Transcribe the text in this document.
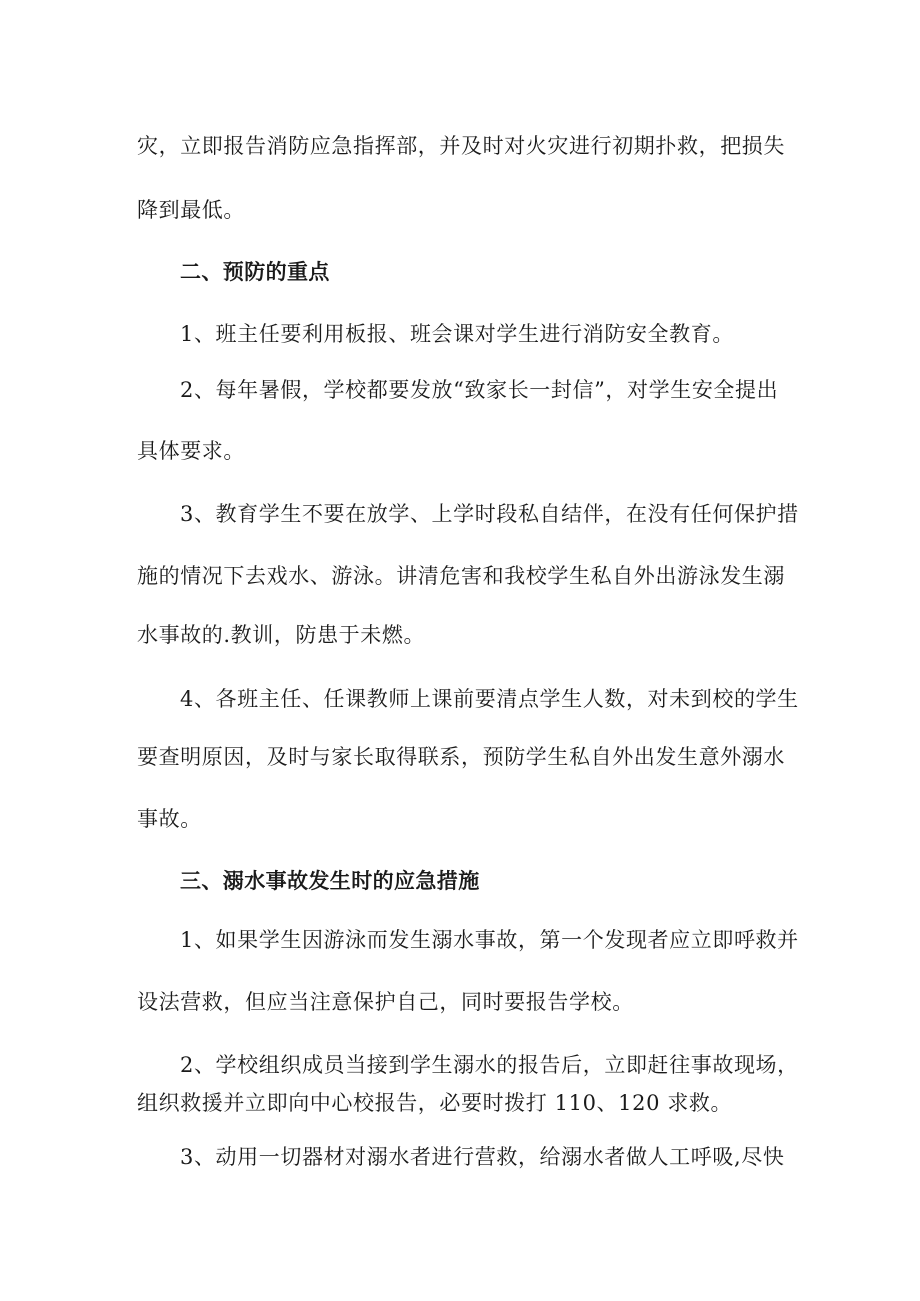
灾，立即报告消防应急指挥部，并及时对火灾进行初期扑救，把损失
降到最低。
二、预防的重点
1、班主任要利用板报、班会课对学生进行消防安全教育。
2、每年暑假，学校都要发放“致家长一封信”，对学生安全提出
具体要求。
3、教育学生不要在放学、上学时段私自结伴，在没有任何保护措
施的情况下去戏水、游泳。讲清危害和我校学生私自外出游泳发生溺
水事故的.教训，防患于未燃。
4、各班主任、任课教师上课前要清点学生人数，对未到校的学生
要查明原因，及时与家长取得联系，预防学生私自外出发生意外溺水
事故。
三、溺水事故发生时的应急措施
1、如果学生因游泳而发生溺水事故，第一个发现者应立即呼救并
设法营救，但应当注意保护自己，同时要报告学校。
2、学校组织成员当接到学生溺水的报告后，立即赶往事故现场，
组织救援并立即向中心校报告，必要时拨打 110、120 求救。
3、动用一切器材对溺水者进行营救，给溺水者做人工呼吸,尽快
